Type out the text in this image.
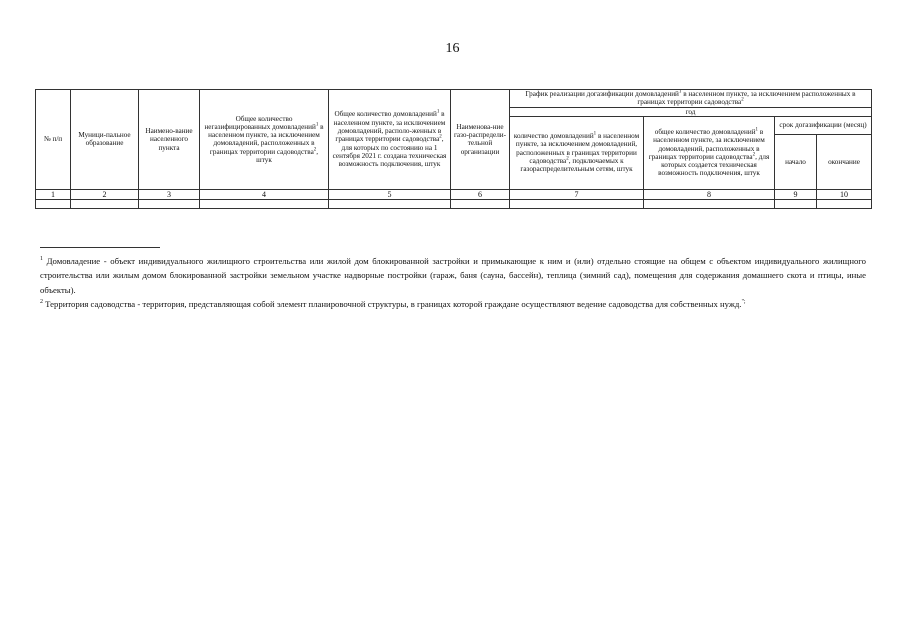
16
№ п/п	Муници-пальное образование	Наимено-вание населенного пункта	Общее количество негазифицированных домовладений$^1$ в населенном пункте, за исключением домовладений, расположенных в границах территории садоводства$^2$, штук	Общее количество домовладений$^1$ в населенном пункте, за исключением домовладений, располо-женных в границах территории садоводства$^2$, для которых по состоянию на 1 сентября 2021 г. создана техническая возможность подключения, штук	Наименова-ние газо-распредели-тельной организации	График реализации догазификации домовладений$^1$ в населенном пункте, за исключением расположенных в границах территории садоводства$^2$
						год			
						количество домовладений$^1$ в населенном пункте, за исключением домовладений, расположенных в границах территории садоводства$^2$, подключаемых к газораспределительным сетям, штук	общее количество домовладений$^1$ в населенном пункте, за исключением домовладений, расположенных в границах территории садоводства$^2$, для которых создается техническая возможность подключения, штук	срок догазификации (месяц)	
								начало	окончание
1	2	3	4	5	6	7	8	9	10

$^1$ Домовладение - объект индивидуального жилищного строительства или жилой дом блокированной застройки и примыкающие к ним и (или) отдельно стоящие на общем с объектом индивидуального жилищного строительства или жилым домом блокированной застройки земельном участке надворные постройки (гараж, баня (сауна, бассейн), теплица (зимний сад), помещения для содержания домашнего скота и птицы, иные объекты).

$^2$ Территория садоводства - территория, представляющая собой элемент планировочной структуры, в границах которой граждане осуществляют ведение садоводства для собственных нужд.";
